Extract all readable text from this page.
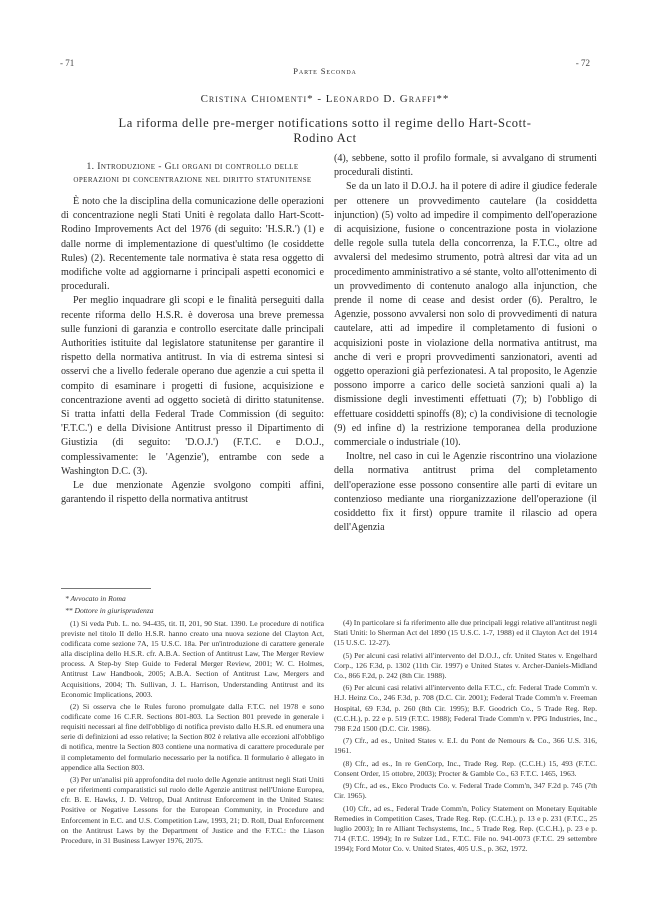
- 71
Parte Seconda
- 72
Cristina Chiomenti* - Leonardo D. Graffi**
La riforma delle pre-merger notifications sotto il regime dello Hart-Scott-Rodino Act
1. Introduzione - Gli organi di controllo delle operazioni di concentrazione nel diritto statunitense

È noto che la disciplina della comunicazione delle operazioni di concentrazione negli Stati Uniti è regolata dallo Hart-Scott-Rodino Improvements Act del 1976 (di seguito: 'H.S.R.') (1) e dalle norme di implementazione di quest'ultimo (le cosiddette Rules) (2). Recentemente tale normativa è stata resa oggetto di modifiche volte ad aggiornarne i principali aspetti economici e procedurali.

Per meglio inquadrare gli scopi e le finalità perseguiti dalla recente riforma dello H.S.R. è doverosa una breve premessa sulle funzioni di garanzia e controllo esercitate dalle principali Authorities istituite dal legislatore statunitense per garantire il rispetto della normativa antitrust. In via di estrema sintesi si osservi che a livello federale operano due agenzie a cui spetta il compito di esaminare i progetti di fusione, acquisizione e concentrazione aventi ad oggetto società di diritto statunitense. Si tratta infatti della Federal Trade Commission (di seguito: 'F.T.C.') e della Divisione Antitrust presso il Dipartimento di Giustizia (di seguito: 'D.O.J.') (F.T.C. e D.O.J., complessivamente: le 'Agenzie'), entrambe con sede a Washington D.C. (3).

Le due menzionate Agenzie svolgono compiti affini, garantendo il rispetto della normativa antitrust

(4), sebbene, sotto il profilo formale, si avvalgano di strumenti procedurali distinti.

Se da un lato il D.O.J. ha il potere di adire il giudice federale per ottenere un provvedimento cautelare (la cosiddetta injunction) (5) volto ad impedire il compimento dell'operazione di acquisizione, fusione o concentrazione posta in violazione delle regole sulla tutela della concorrenza, la F.T.C., oltre ad avvalersi del medesimo strumento, potrà altresì dar vita ad un procedimento amministrativo a sé stante, volto all'ottenimento di un provvedimento di contenuto analogo alla injunction, che prende il nome di cease and desist order (6). Peraltro, le Agenzie, possono avvalersi non solo di provvedimenti di natura cautelare, atti ad impedire il completamento di fusioni o acquisizioni poste in violazione della normativa antitrust, ma anche di veri e propri provvedimenti sanzionatori, aventi ad oggetto operazioni già perfezionatesi. A tal proposito, le Agenzie possono imporre a carico delle società sanzioni quali a) la dismissione degli investimenti effettuati (7); b) l'obbligo di effettuare cosiddetti spinoffs (8); c) la condivisione di tecnologie (9) ed infine d) la restrizione temporanea della produzione commerciale o industriale (10).

Inoltre, nel caso in cui le Agenzie riscontrino una violazione della normativa antitrust prima del completamento dell'operazione esse possono consentire alle parti di evitare un contenzioso mediante una riorganizzazione dell'operazione (il cosiddetto fix it first) oppure tramite il rilascio ad opera dell'Agenzia

* Avvocato in Roma

** Dottore in giurisprudenza

(1) Si veda Pub. L. no. 94-435, tit. II, 201, 90 Stat. 1390. Le procedure di notifica previste nel titolo II dello H.S.R. hanno creato una nuova sezione del Clayton Act, codificata come sezione 7A, 15 U.S.C. 18a. Per un'introduzione di carattere generale alla disciplina dello H.S.R. cfr. A.B.A. Section of Antitrust Law, The Merger Review process. A Step-by Step Guide to Federal Merger Review, 2001; W. C. Holmes, Antitrust Law Handbook, 2005; A.B.A. Section of Antitrust Law, Mergers and Acquisitions, 2004; Th. Sullivan, J. L. Harrison, Understanding Antitrust and its Economic Implications, 2003.

(2) Si osserva che le Rules furono promulgate dalla F.T.C. nel 1978 e sono codificate come 16 C.F.R. Sections 801-803. La Section 801 prevede in generale i requisiti necessari al fine dell'obbligo di notifica previsto dallo H.S.R. ed enumera una serie di definizioni ad esso relative; la Section 802 è relativa alle eccezioni all'obbligo di notifica, mentre la Section 803 contiene una normativa di carattere procedurale per il completamento del formulario necessario per la notifica. Il formulario è allegato in appendice alla Section 803.

(3) Per un'analisi più approfondita del ruolo delle Agenzie antitrust negli Stati Uniti e per riferimenti comparatistici sul ruolo delle Agenzie antitrust nell'Unione Europea, cfr. B. E. Hawks, J. D. Veltrop, Dual Antitrust Enforcement in the United States: Positive or Negative Lessons for the European Community, in Procedure and Enforcement in E.C. and U.S. Competition Law, 1993, 21; D. Roll, Dual Enforcement on the Antitrust Laws by the Department of Justice and the F.T.C.: the Liason Procedure, in 31 Business Lawyer 1976, 2075.

(4) In particolare si fa riferimento alle due principali leggi relative all'antitrust negli Stati Uniti: lo Sherman Act del 1890 (15 U.S.C. 1-7, 1988) ed il Clayton Act del 1914 (15 U.S.C. 12-27).

(5) Per alcuni casi relativi all'intervento del D.O.J., cfr. United States v. Engelhard Corp., 126 F.3d, p. 1302 (11th Cir. 1997) e United States v. Archer-Daniels-Midland Co., 866 F.2d, p. 242 (8th Cir. 1988).

(6) Per alcuni casi relativi all'intervento della F.T.C., cfr. Federal Trade Comm'n v. H.J. Heinz Co., 246 F.3d, p. 708 (D.C. Cir. 2001); Federal Trade Comm'n v. Freeman Hospital, 69 F.3d, p. 260 (8th Cir. 1995); B.F. Goodrich Co., 5 Trade Reg. Rep. (C.C.H.), p. 22 e p. 519 (F.T.C. 1988); Federal Trade Comm'n v. PPG Industries, Inc., 798 F.2d 1500 (D.C. Cir. 1986).

(7) Cfr., ad es., United States v. E.I. du Pont de Nemours & Co., 366 U.S. 316, 1961.

(8) Cfr., ad es., In re GenCorp, Inc., Trade Reg. Rep. (C.C.H.) 15, 493 (F.T.C. Consent Order, 15 ottobre, 2003); Procter & Gamble Co., 63 F.T.C. 1465, 1963.

(9) Cfr., ad es., Ekco Products Co. v. Federal Trade Comm'n, 347 F.2d p. 745 (7th Cir. 1965).

(10) Cfr., ad es., Federal Trade Comm'n, Policy Statement on Monetary Equitable Remedies in Competition Cases, Trade Reg. Rep. (C.C.H.), p. 13 e p. 231 (F.T.C., 25 luglio 2003); In re Alliant Techsystems, Inc., 5 Trade Reg. Rep. (C.C.H.), p. 23 e p. 714 (F.T.C. 1994); In re Sulzer Ltd., F.T.C. File no. 941-0073 (F.T.C. 29 settembre 1994); Ford Motor Co. v. United States, 405 U.S., p. 362, 1972.
